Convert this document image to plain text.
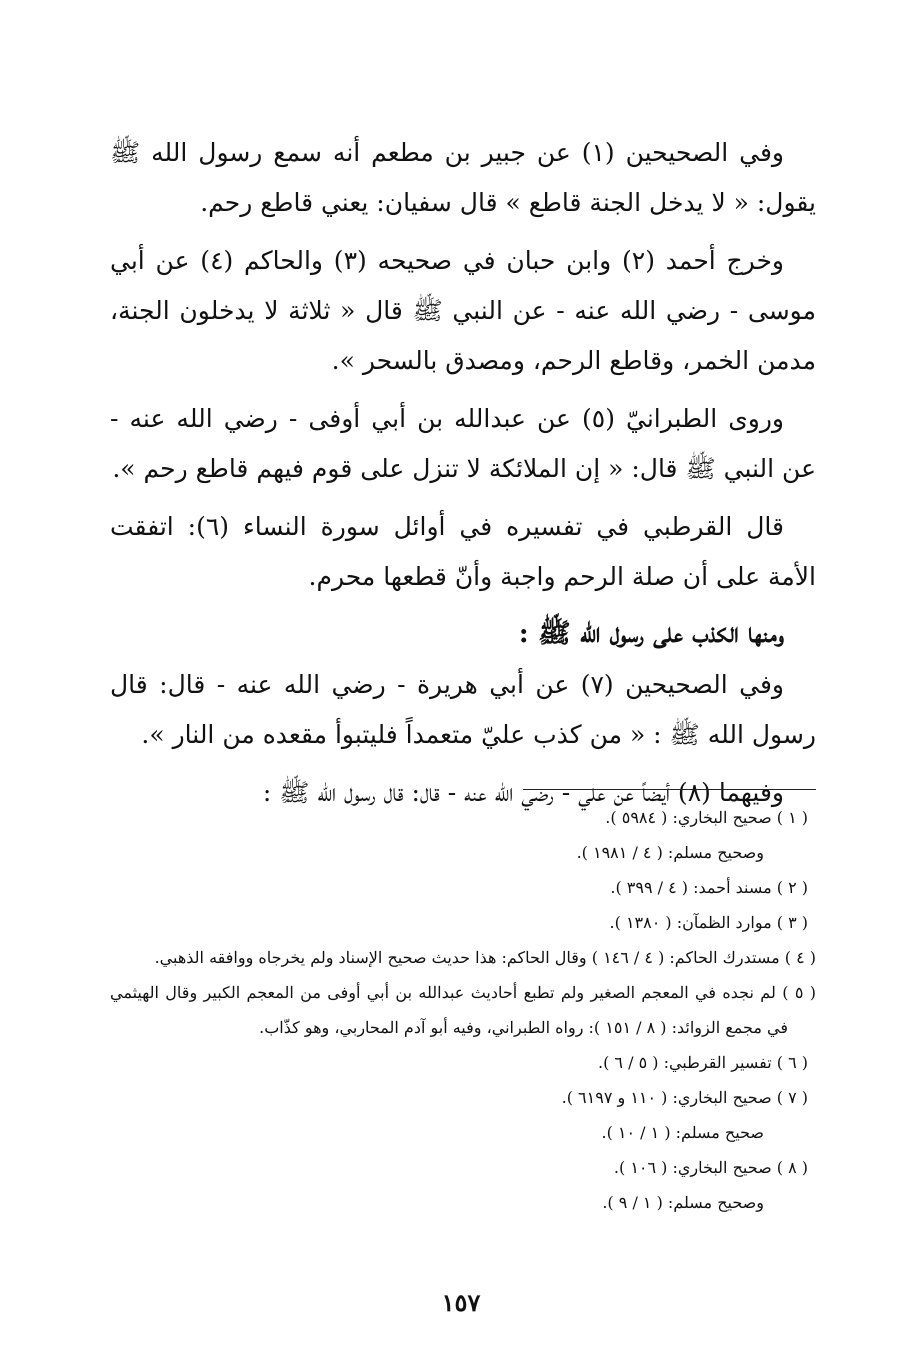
وفي الصحيحين (١) عن جبير بن مطعم أنه سمع رسول الله ﷺ يقول: « لا يدخل الجنة قاطع » قال سفيان: يعني قاطع رحم.

وخرج أحمد (٢) وابن حبان في صحيحه (٣) والحاكم (٤) عن أبي موسى - رضي الله عنه - عن النبي ﷺ قال « ثلاثة لا يدخلون الجنة، مدمن الخمر، وقاطع الرحم، ومصدق بالسحر ».

وروى الطبرانيّ (٥) عن عبدالله بن أبي أوفى - رضي الله عنه - عن النبي ﷺ قال: « إن الملائكة لا تنزل على قوم فيهم قاطع رحم ».

قال القرطبي في تفسيره في أوائل سورة النساء (٦): اتفقت الأمة على أن صلة الرحم واجبة وأنّ قطعها محرم.

ومنها الكذب على رسول الله ﷺ :

وفي الصحيحين (٧) عن أبي هريرة - رضي الله عنه - قال: قال رسول الله ﷺ : « من كذب عليّ متعمداً فليتبوأ مقعده من النار ».

وفيهما (٨) أيضاً عن علي - رضي الله عنه - قال: قال رسول الله ﷺ :

( ١ ) صحيح البخاري: ( ٥٩٨٤ ).

وصحيح مسلم: ( ٤ / ١٩٨١ ).

( ٢ ) مسند أحمد: ( ٤ / ٣٩٩ ).

( ٣ ) موارد الظمآن: ( ١٣٨٠ ).

( ٤ ) مستدرك الحاكم: ( ٤ / ١٤٦ ) وقال الحاكم: هذا حديث صحيح الإسناد ولم يخرجاه ووافقه الذهبي.

( ٥ ) لم نجده في المعجم الصغير ولم تطبع أحاديث عبدالله بن أبي أوفى من المعجم الكبير وقال الهيثمي في مجمع الزوائد: ( ٨ / ١٥١ ): رواه الطبراني، وفيه أبو آدم المحاربي، وهو كذّاب.

( ٦ ) تفسير القرطبي: ( ٥ / ٦ ).

( ٧ ) صحيح البخاري: ( ١١٠ و ٦١٩٧ ).

صحيح مسلم: ( ١ / ١٠ ).

( ٨ ) صحيح البخاري: ( ١٠٦ ).

وصحيح مسلم: ( ١ / ٩ ).

١٥٧
